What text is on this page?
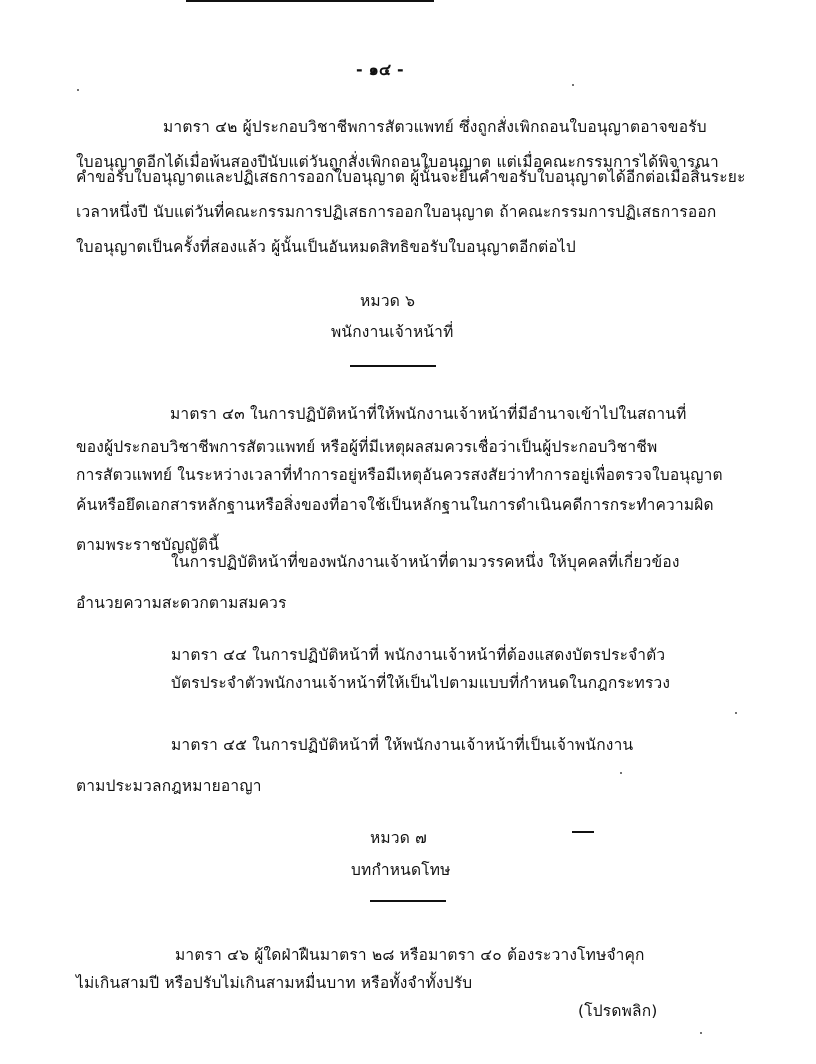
- ๑๔ -
มาตรา ๔๒ ผู้ประกอบวิชาชีพการสัตวแพทย์ ซึ่งถูกสั่งเพิกถอนใบอนุญาตอาจขอรับ
ใบอนุญาตอีกได้เมื่อพ้นสองปีนับแต่วันถูกสั่งเพิกถอนใบอนุญาต แต่เมื่อคณะกรรมการได้พิจารณา
คำขอรับใบอนุญาตและปฏิเสธการออกใบอนุญาต ผู้นั้นจะยื่นคำขอรับใบอนุญาตได้อีกต่อเมื่อสิ้นระยะ
เวลาหนึ่งปี นับแต่วันที่คณะกรรมการปฏิเสธการออกใบอนุญาต ถ้าคณะกรรมการปฏิเสธการออก
ใบอนุญาตเป็นครั้งที่สองแล้ว ผู้นั้นเป็นอันหมดสิทธิขอรับใบอนุญาตอีกต่อไป
หมวด ๖
พนักงานเจ้าหน้าที่
มาตรา ๔๓ ในการปฏิบัติหน้าที่ให้พนักงานเจ้าหน้าที่มีอำนาจเข้าไปในสถานที่
ของผู้ประกอบวิชาชีพการสัตวแพทย์ หรือผู้ที่มีเหตุผลสมควรเชื่อว่าเป็นผู้ประกอบวิชาชีพ
การสัตวแพทย์ ในระหว่างเวลาที่ทำการอยู่หรือมีเหตุอันควรสงสัยว่าทำการอยู่เพื่อตรวจใบอนุญาต
ค้นหรือยึดเอกสารหลักฐานหรือสิ่งของที่อาจใช้เป็นหลักฐานในการดำเนินคดีการกระทำความผิด
ตามพระราชบัญญัตินี้
ในการปฏิบัติหน้าที่ของพนักงานเจ้าหน้าที่ตามวรรคหนึ่ง ให้บุคคลที่เกี่ยวข้อง
อำนวยความสะดวกตามสมควร
มาตรา ๔๔ ในการปฏิบัติหน้าที่ พนักงานเจ้าหน้าที่ต้องแสดงบัตรประจำตัว
บัตรประจำตัวพนักงานเจ้าหน้าที่ให้เป็นไปตามแบบที่กำหนดในกฎกระทรวง
มาตรา ๔๕ ในการปฏิบัติหน้าที่ ให้พนักงานเจ้าหน้าที่เป็นเจ้าพนักงาน
ตามประมวลกฎหมายอาญา
หมวด ๗
บทกำหนดโทษ
มาตรา ๔๖ ผู้ใดฝ่าฝืนมาตรา ๒๘ หรือมาตรา ๔๐ ต้องระวางโทษจำคุก
ไม่เกินสามปี หรือปรับไม่เกินสามหมื่นบาท หรือทั้งจำทั้งปรับ
(โปรดพลิก)
